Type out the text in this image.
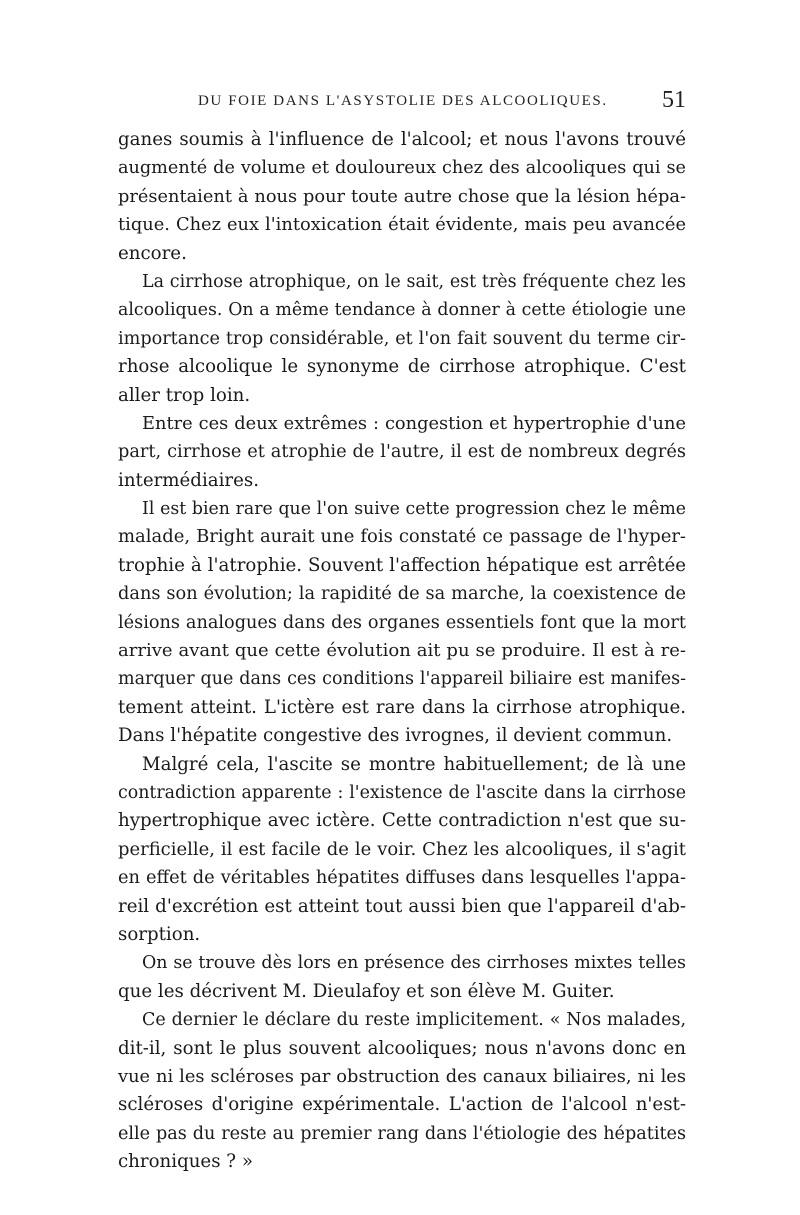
DU FOIE DANS L'ASYSTOLIE DES ALCOOLIQUES. 51
ganes soumis à l'influence de l'alcool; et nous l'avons trouvé
augmenté de volume et douloureux chez des alcooliques qui se
présentaient à nous pour toute autre chose que la lésion hépa-
tique. Chez eux l'intoxication était évidente, mais peu avancée
encore.
La cirrhose atrophique, on le sait, est très fréquente chez les
alcooliques. On a même tendance à donner à cette étiologie une
importance trop considérable, et l'on fait souvent du terme cir-
rhose alcoolique le synonyme de cirrhose atrophique. C'est
aller trop loin.
Entre ces deux extrêmes : congestion et hypertrophie d'une
part, cirrhose et atrophie de l'autre, il est de nombreux degrés
intermédiaires.
Il est bien rare que l'on suive cette progression chez le même
malade, Bright aurait une fois constaté ce passage de l'hyper-
trophie à l'atrophie. Souvent l'affection hépatique est arrêtée
dans son évolution; la rapidité de sa marche, la coexistence de
lésions analogues dans des organes essentiels font que la mort
arrive avant que cette évolution ait pu se produire. Il est à re-
marquer que dans ces conditions l'appareil biliaire est manifes-
tement atteint. L'ictère est rare dans la cirrhose atrophique.
Dans l'hépatite congestive des ivrognes, il devient commun.
Malgré cela, l'ascite se montre habituellement; de là une
contradiction apparente : l'existence de l'ascite dans la cirrhose
hypertrophique avec ictère. Cette contradiction n'est que su-
perficielle, il est facile de le voir. Chez les alcooliques, il s'agit
en effet de véritables hépatites diffuses dans lesquelles l'appa-
reil d'excrétion est atteint tout aussi bien que l'appareil d'ab-
sorption.
On se trouve dès lors en présence des cirrhoses mixtes telles
que les décrivent M. Dieulafoy et son élève M. Guiter.
Ce dernier le déclare du reste implicitement. « Nos malades,
dit-il, sont le plus souvent alcooliques; nous n'avons donc en
vue ni les scléroses par obstruction des canaux biliaires, ni les
scléroses d'origine expérimentale. L'action de l'alcool n'est-
elle pas du reste au premier rang dans l'étiologie des hépatites
chroniques ? »
